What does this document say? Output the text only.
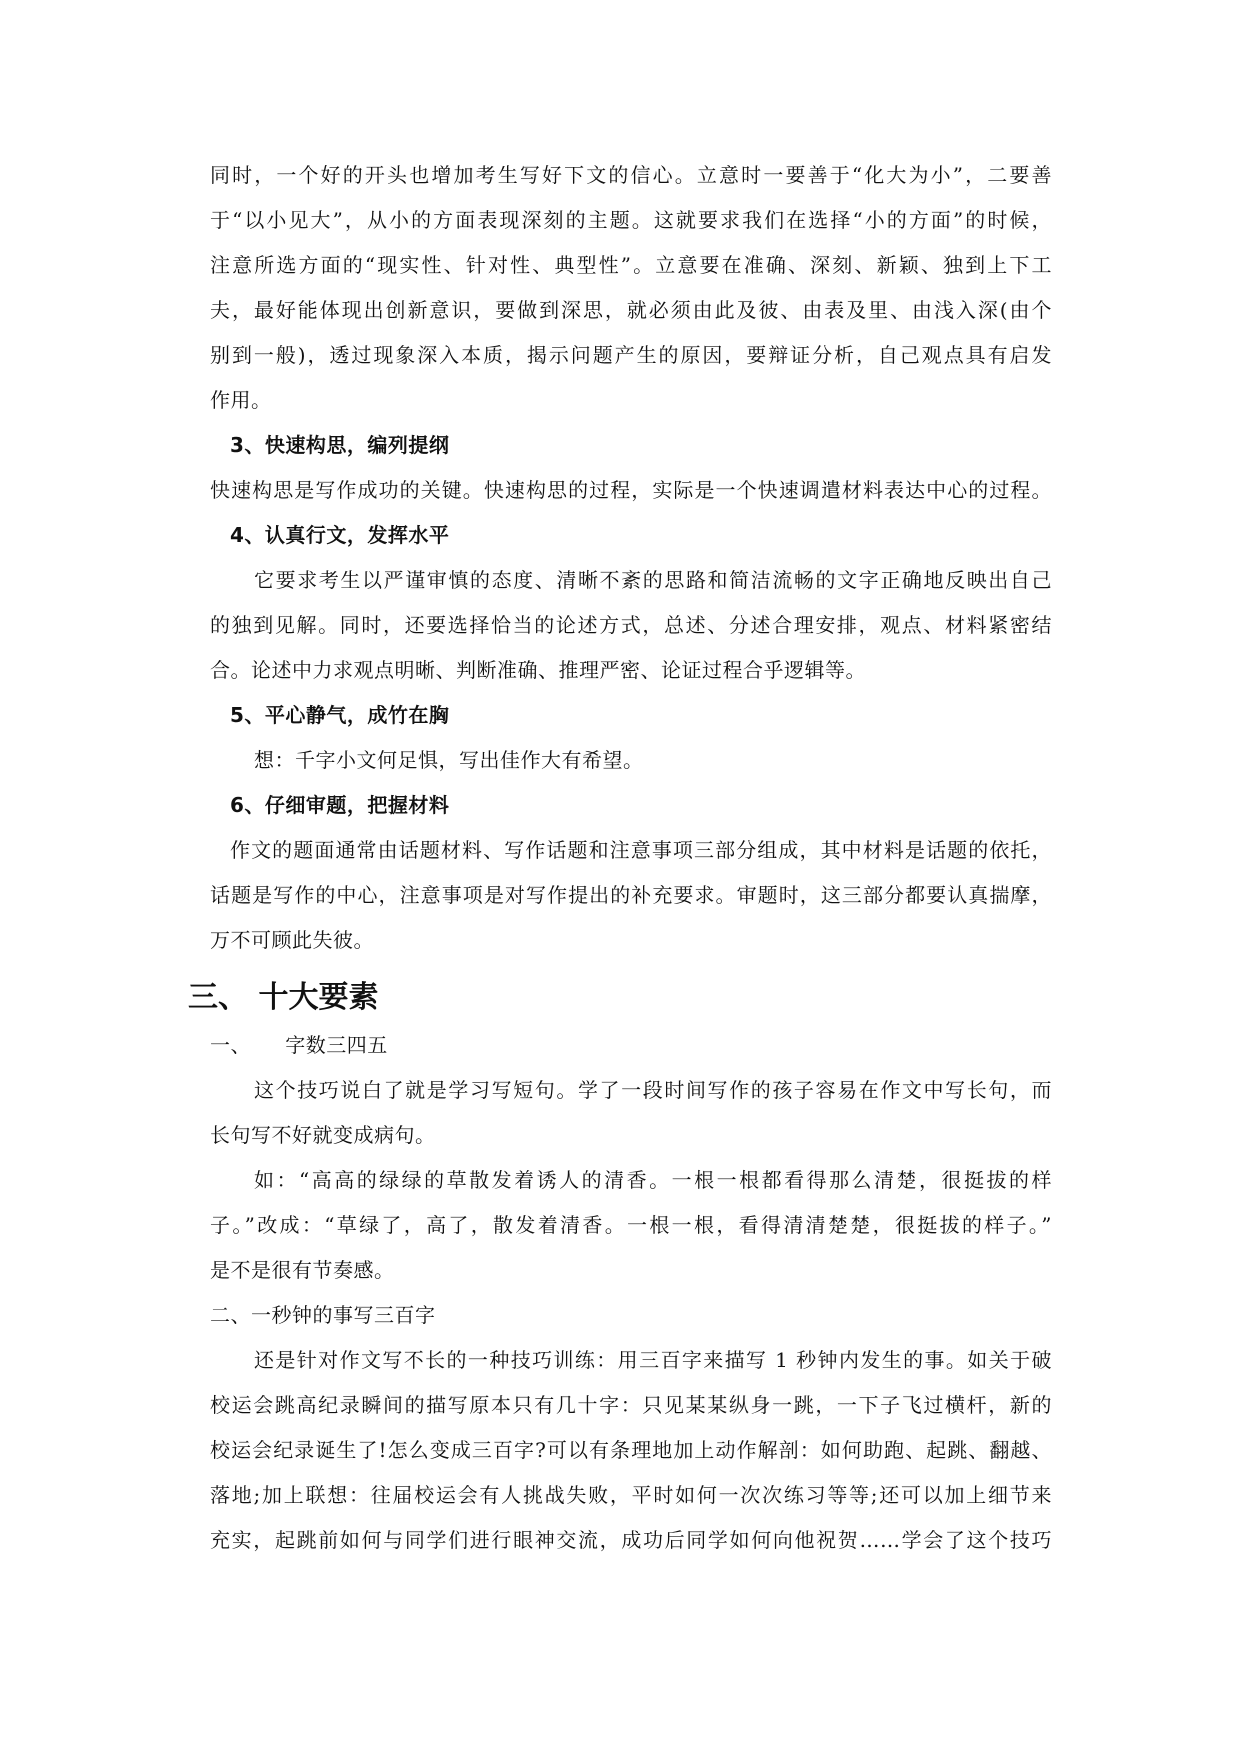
同时，一个好的开头也增加考生写好下文的信心。立意时一要善于“化大为小”，二要善
于“以小见大”，从小的方面表现深刻的主题。这就要求我们在选择“小的方面”的时候，
注意所选方面的“现实性、针对性、典型性”。立意要在准确、深刻、新颖、独到上下工
夫，最好能体现出创新意识，要做到深思，就必须由此及彼、由表及里、由浅入深(由个
别到一般)，透过现象深入本质，揭示问题产生的原因，要辩证分析，自己观点具有启发
作用。
3、快速构思，编列提纲
快速构思是写作成功的关键。快速构思的过程，实际是一个快速调遣材料表达中心的过程。
4、认真行文，发挥水平
它要求考生以严谨审慎的态度、清晰不紊的思路和简洁流畅的文字正确地反映出自己
的独到见解。同时，还要选择恰当的论述方式，总述、分述合理安排，观点、材料紧密结
合。论述中力求观点明晰、判断准确、推理严密、论证过程合乎逻辑等。
5、平心静气，成竹在胸
想：千字小文何足惧，写出佳作大有希望。
6、仔细审题，把握材料
作文的题面通常由话题材料、写作话题和注意事项三部分组成，其中材料是话题的依托，
话题是写作的中心，注意事项是对写作提出的补充要求。审题时，这三部分都要认真揣摩，
万不可顾此失彼。
三、 十大要素
一、     字数三四五
这个技巧说白了就是学习写短句。学了一段时间写作的孩子容易在作文中写长句，而
长句写不好就变成病句。
如：“高高的绿绿的草散发着诱人的清香。一根一根都看得那么清楚，很挺拔的样
子。”改成：“草绿了，高了，散发着清香。一根一根，看得清清楚楚，很挺拔的样子。”
是不是很有节奏感。
二、一秒钟的事写三百字
还是针对作文写不长的一种技巧训练：用三百字来描写 1 秒钟内发生的事。如关于破
校运会跳高纪录瞬间的描写原本只有几十字：只见某某纵身一跳，一下子飞过横杆，新的
校运会纪录诞生了!怎么变成三百字?可以有条理地加上动作解剖：如何助跑、起跳、翻越、
落地;加上联想：往届校运会有人挑战失败，平时如何一次次练习等等;还可以加上细节来
充实，起跳前如何与同学们进行眼神交流，成功后同学如何向他祝贺……学会了这个技巧
